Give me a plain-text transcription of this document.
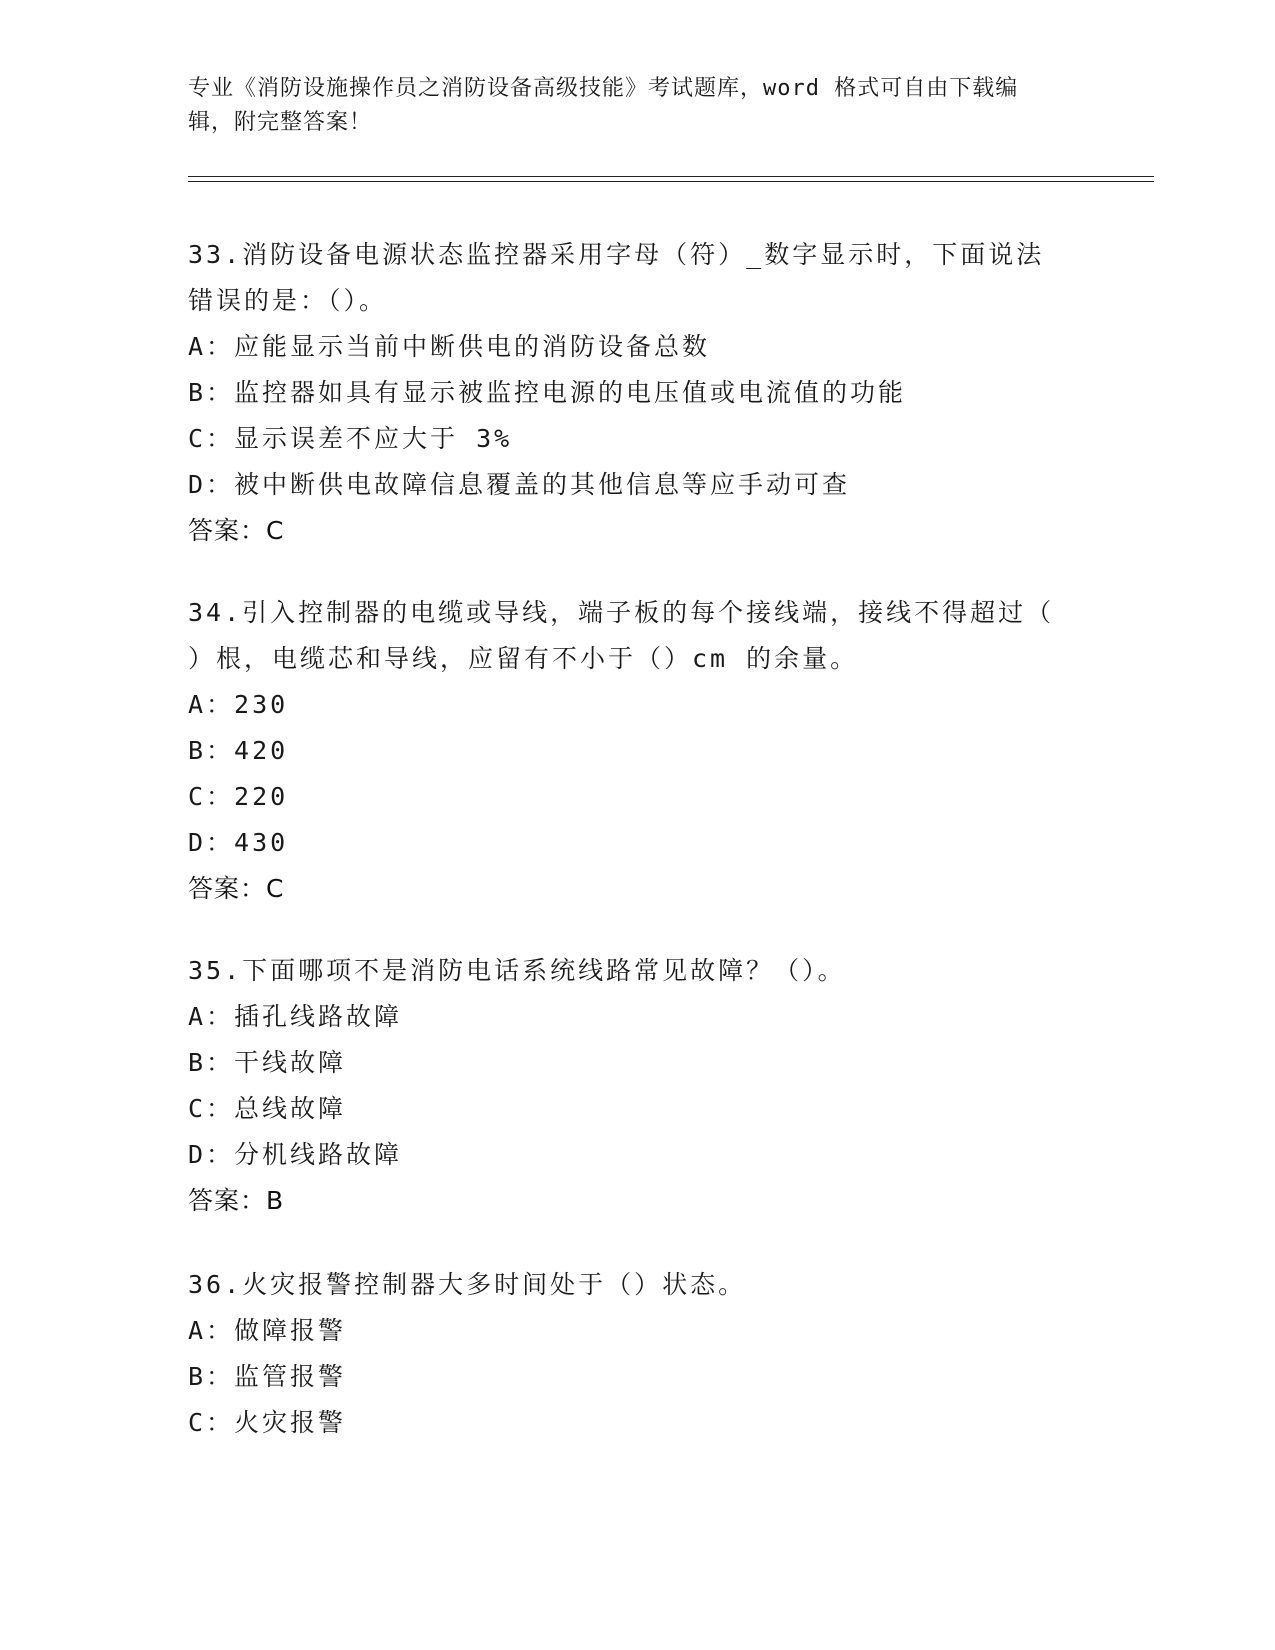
专业《消防设施操作员之消防设备高级技能》考试题库，word 格式可自由下载编
辑，附完整答案！
33.消防设备电源状态监控器采用字母（符）_数字显示时，下面说法
错误的是：（）。
A：应能显示当前中断供电的消防设备总数
B：监控器如具有显示被监控电源的电压值或电流值的功能
C：显示误差不应大于 3%
D：被中断供电故障信息覆盖的其他信息等应手动可查
答案：C
34.引入控制器的电缆或导线，端子板的每个接线端，接线不得超过（
）根，电缆芯和导线，应留有不小于（）cm 的余量。
A：230
B：420
C：220
D：430
答案：C
35.下面哪项不是消防电话系统线路常见故障？（）。
A：插孔线路故障
B：干线故障
C：总线故障
D：分机线路故障
答案：B
36.火灾报警控制器大多时间处于（）状态。
A：做障报警
B：监管报警
C：火灾报警
